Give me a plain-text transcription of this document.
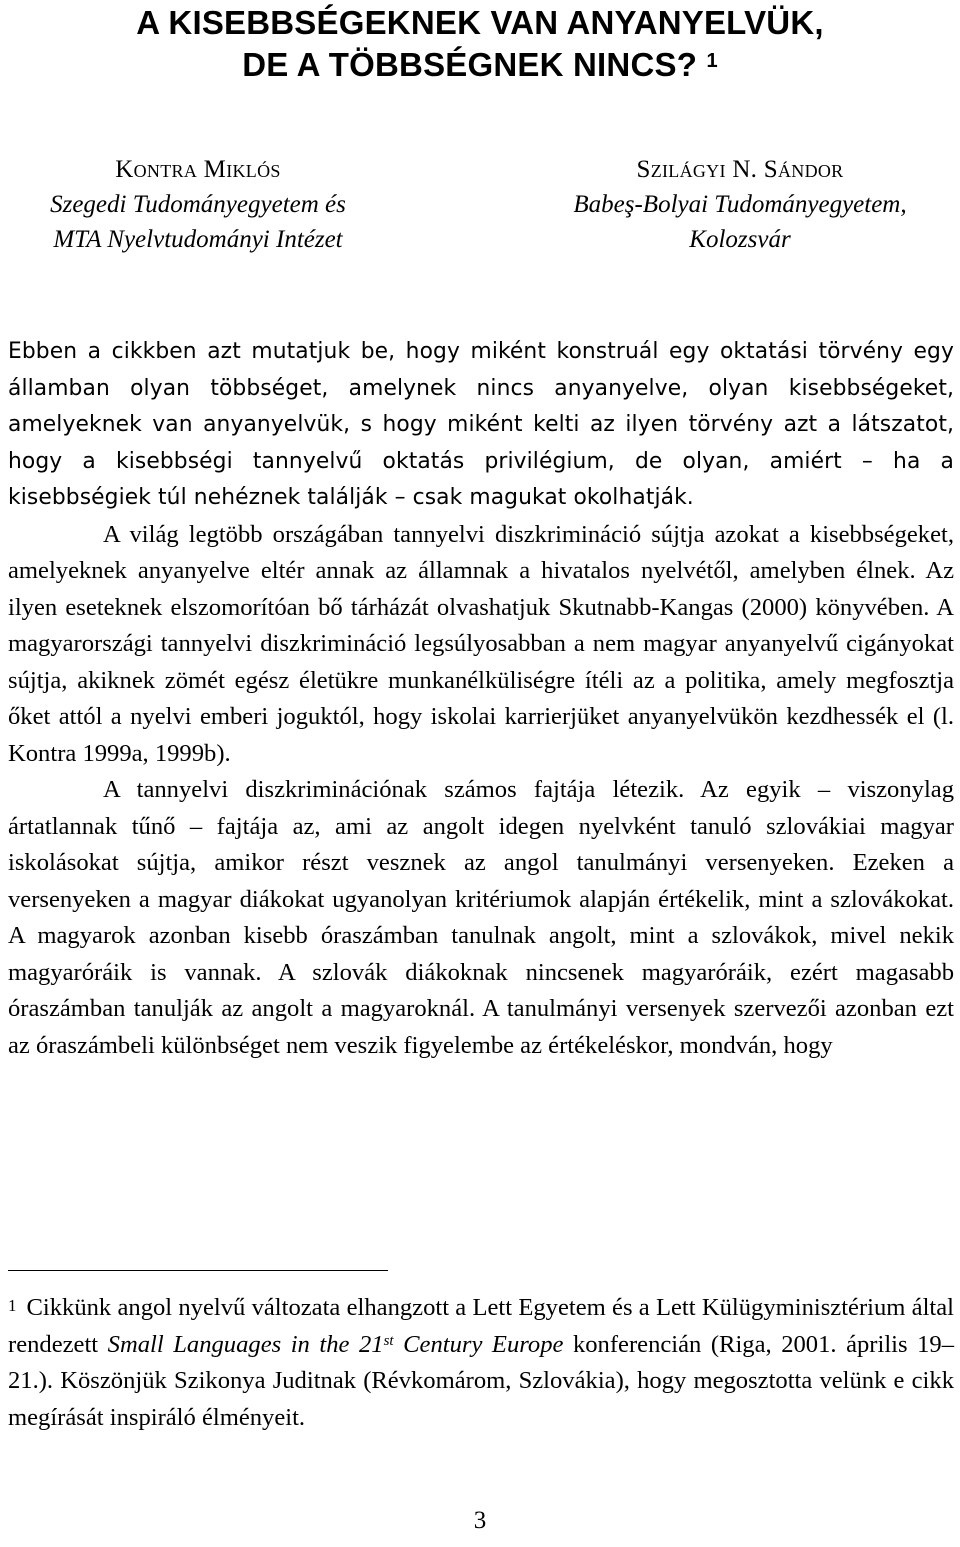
A KISEBBSÉGEKNEK VAN ANYANYELVÜK,
DE A TÖBBSÉGNEK NINCS? $^1$
Kontra Miklós
Szegedi Tudományegyetem és
MTA Nyelvtudományi Intézet
Szilágyi N. Sándor
Babeş-Bolyai Tudományegyetem,
Kolozsvár

Ebben a cikkben azt mutatjuk be, hogy miként konstruál egy oktatási törvény egy államban olyan többséget, amelynek nincs anyanyelve, olyan kisebbségeket, amelyeknek van anyanyelvük, s hogy miként kelti az ilyen törvény azt a látszatot, hogy a kisebbségi tannyelvű oktatás privilégium, de olyan, amiért – ha a kisebbségiek túl nehéznek találják – csak magukat okolhatják.

A világ legtöbb országában tannyelvi diszkrimináció sújtja azokat a kisebbségeket, amelyeknek anyanyelve eltér annak az államnak a hivatalos nyelvétől, amelyben élnek. Az ilyen eseteknek elszomorítóan bő tárházát olvashatjuk Skutnabb-Kangas (2000) könyvében. A magyarországi tannyelvi diszkrimináció legsúlyosabban a nem magyar anyanyelvű cigányokat sújtja, akiknek zömét egész életükre munkanélküliségre ítéli az a politika, amely megfosztja őket attól a nyelvi emberi joguktól, hogy iskolai karrierjüket anyanyelvükön kezdhessék el (l. Kontra 1999a, 1999b).

A tannyelvi diszkriminációnak számos fajtája létezik. Az egyik – viszonylag ártatlannak tűnő – fajtája az, ami az angolt idegen nyelvként tanuló szlovákiai magyar iskolásokat sújtja, amikor részt vesznek az angol tanulmányi versenyeken. Ezeken a versenyeken a magyar diákokat ugyanolyan kritériumok alapján értékelik, mint a szlovákokat. A magyarok azonban kisebb óraszámban tanulnak angolt, mint a szlovákok, mivel nekik magyaróráik is vannak. A szlovák diákoknak nincsenek magyaróráik, ezért magasabb óraszámban tanulják az angolt a magyaroknál. A tanulmányi versenyek szervezői azonban ezt az óraszámbeli különbséget nem veszik figyelembe az értékeléskor, mondván, hogy

$^1$ Cikkünk angol nyelvű változata elhangzott a Lett Egyetem és a Lett Külügyminisztérium által rendezett Small Languages in the 21st Century Europe konferencián (Riga, 2001. április 19–21.). Köszönjük Szikonya Juditnak (Révkomárom, Szlovákia), hogy megosztotta velünk e cikk megírását inspiráló élményeit.
3
